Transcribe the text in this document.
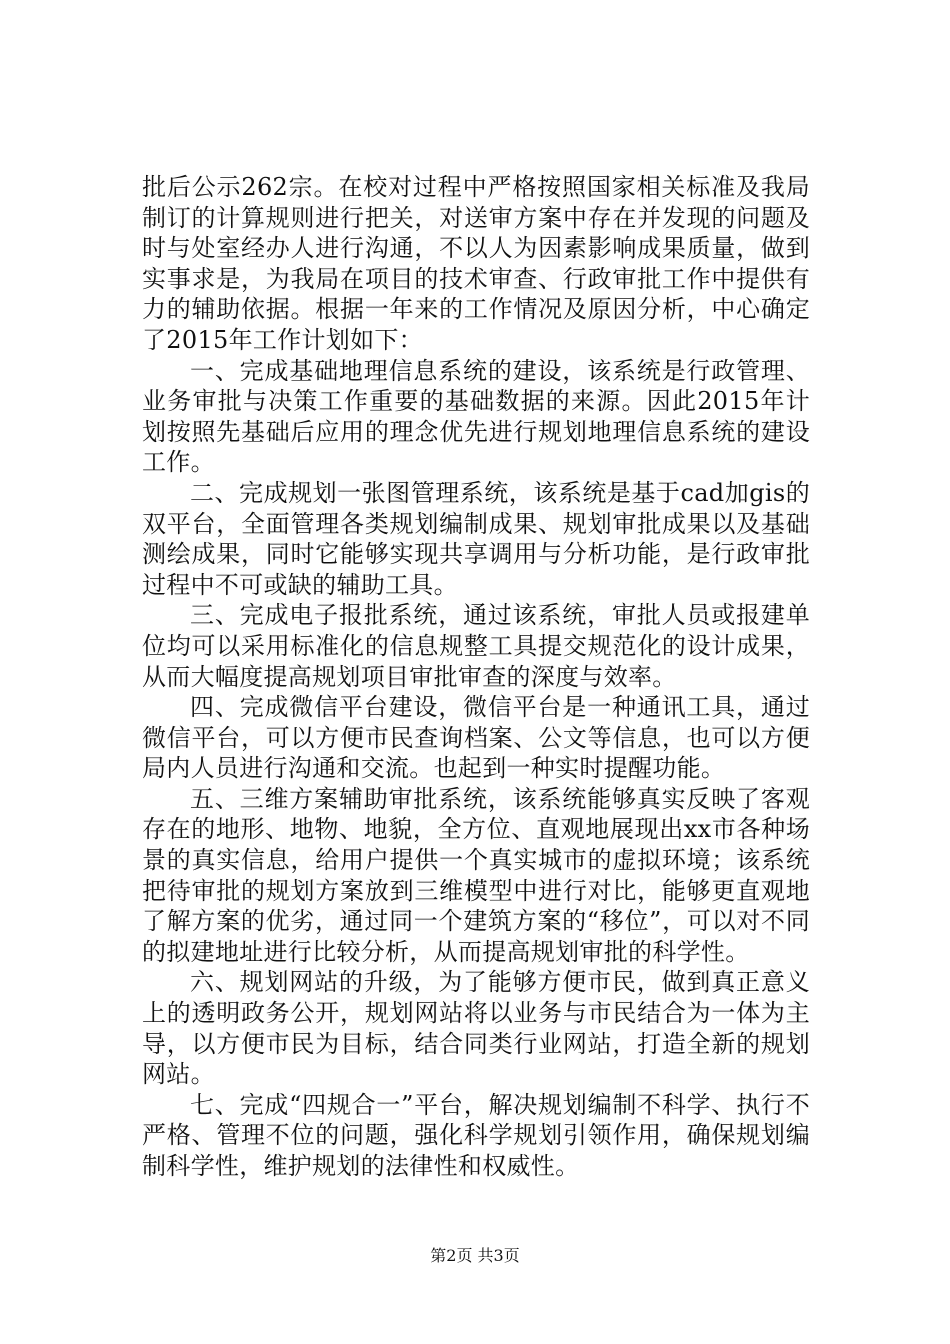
批后公示262宗。在校对过程中严格按照国家相关标准及我局制订的计算规则进行把关，对送审方案中存在并发现的问题及时与处室经办人进行沟通，不以人为因素影响成果质量，做到实事求是，为我局在项目的技术审查、行政审批工作中提供有力的辅助依据。根据一年来的工作情况及原因分析，中心确定了2015年工作计划如下：

一、完成基础地理信息系统的建设，该系统是行政管理、业务审批与决策工作重要的基础数据的来源。因此2015年计划按照先基础后应用的理念优先进行规划地理信息系统的建设工作。

二、完成规划一张图管理系统，该系统是基于cad加gis的双平台，全面管理各类规划编制成果、规划审批成果以及基础测绘成果，同时它能够实现共享调用与分析功能，是行政审批过程中不可或缺的辅助工具。

三、完成电子报批系统，通过该系统，审批人员或报建单位均可以采用标准化的信息规整工具提交规范化的设计成果，从而大幅度提高规划项目审批审查的深度与效率。

四、完成微信平台建设，微信平台是一种通讯工具，通过微信平台，可以方便市民查询档案、公文等信息，也可以方便局内人员进行沟通和交流。也起到一种实时提醒功能。

五、三维方案辅助审批系统，该系统能够真实反映了客观存在的地形、地物、地貌，全方位、直观地展现出xx市各种场景的真实信息，给用户提供一个真实城市的虚拟环境；该系统把待审批的规划方案放到三维模型中进行对比，能够更直观地了解方案的优劣，通过同一个建筑方案的“移位”，可以对不同的拟建地址进行比较分析，从而提高规划审批的科学性。

六、规划网站的升级，为了能够方便市民，做到真正意义上的透明政务公开，规划网站将以业务与市民结合为一体为主导，以方便市民为目标，结合同类行业网站，打造全新的规划网站。

七、完成“四规合一”平台，解决规划编制不科学、执行不严格、管理不位的问题，强化科学规划引领作用，确保规划编制科学性，维护规划的法律性和权威性。

第2页 共3页
